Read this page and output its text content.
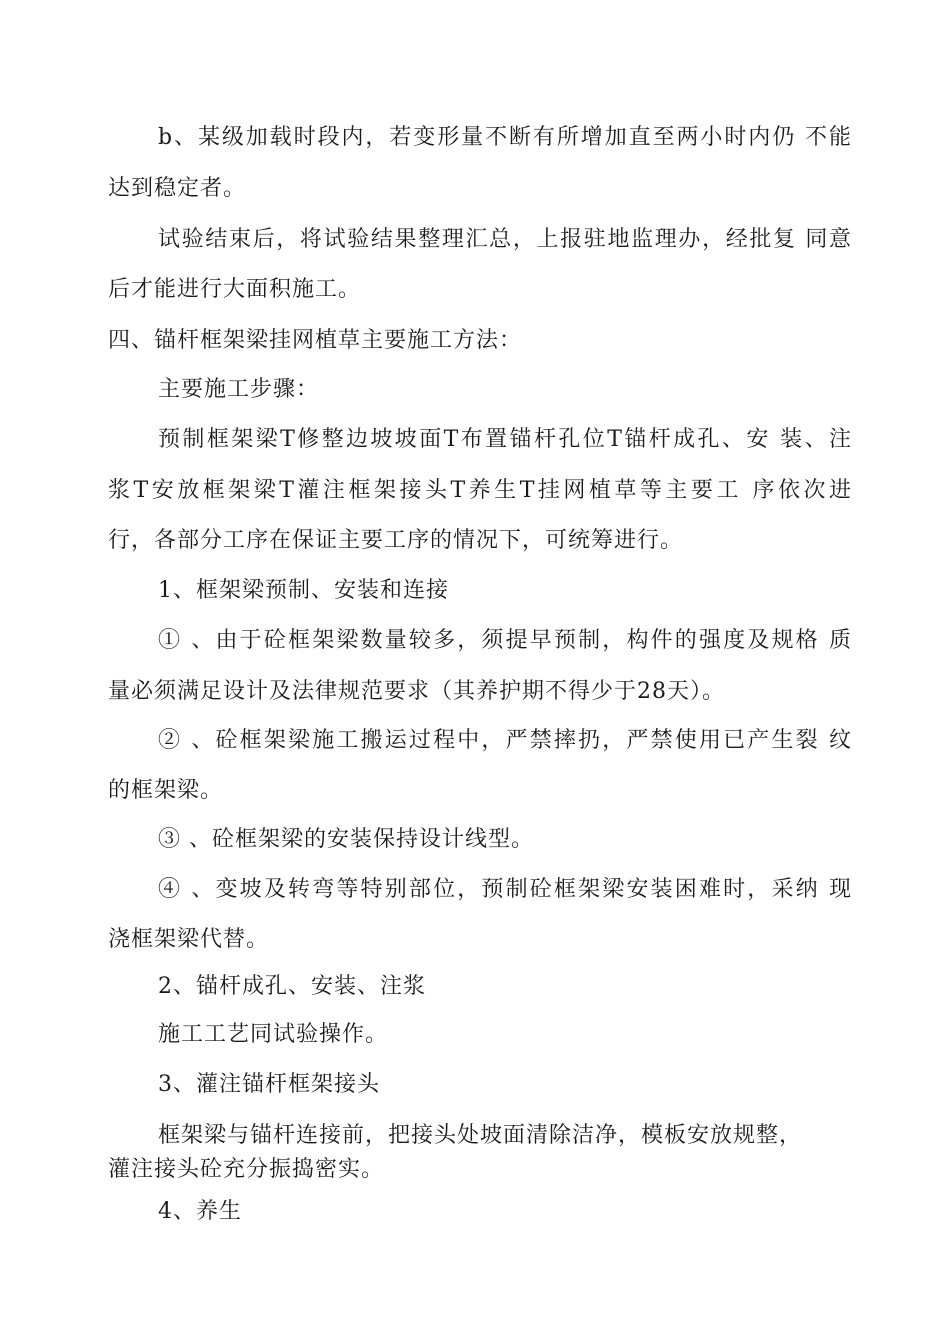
b、某级加载时段内，若变形量不断有所增加直至两小时内仍 不能
达到稳定者。
试验结束后，将试验结果整理汇总，上报驻地监理办，经批复 同意
后才能进行大面积施工。
四、锚杆框架梁挂网植草主要施工方法：
主要施工步骤：
预制框架梁T修整边坡坡面T布置锚杆孔位T锚杆成孔、安 装、注
浆T安放框架梁T灌注框架接头T养生T挂网植草等主要工 序依次进
行，各部分工序在保证主要工序的情况下，可统筹进行。
1、框架梁预制、安装和连接
① 、由于砼框架梁数量较多，须提早预制，构件的强度及规格 质
量必须满足设计及法律规范要求（其养护期不得少于28天）。
② 、砼框架梁施工搬运过程中，严禁摔扔，严禁使用已产生裂 纹
的框架梁。
③ 、砼框架梁的安装保持设计线型。
④ 、变坡及转弯等特别部位，预制砼框架梁安装困难时，采纳 现
浇框架梁代替。
2、锚杆成孔、安装、注浆
施工工艺同试验操作。
3、灌注锚杆框架接头
框架梁与锚杆连接前，把接头处坡面清除洁净，模板安放规整，
灌注接头砼充分振捣密实。
4、养生
